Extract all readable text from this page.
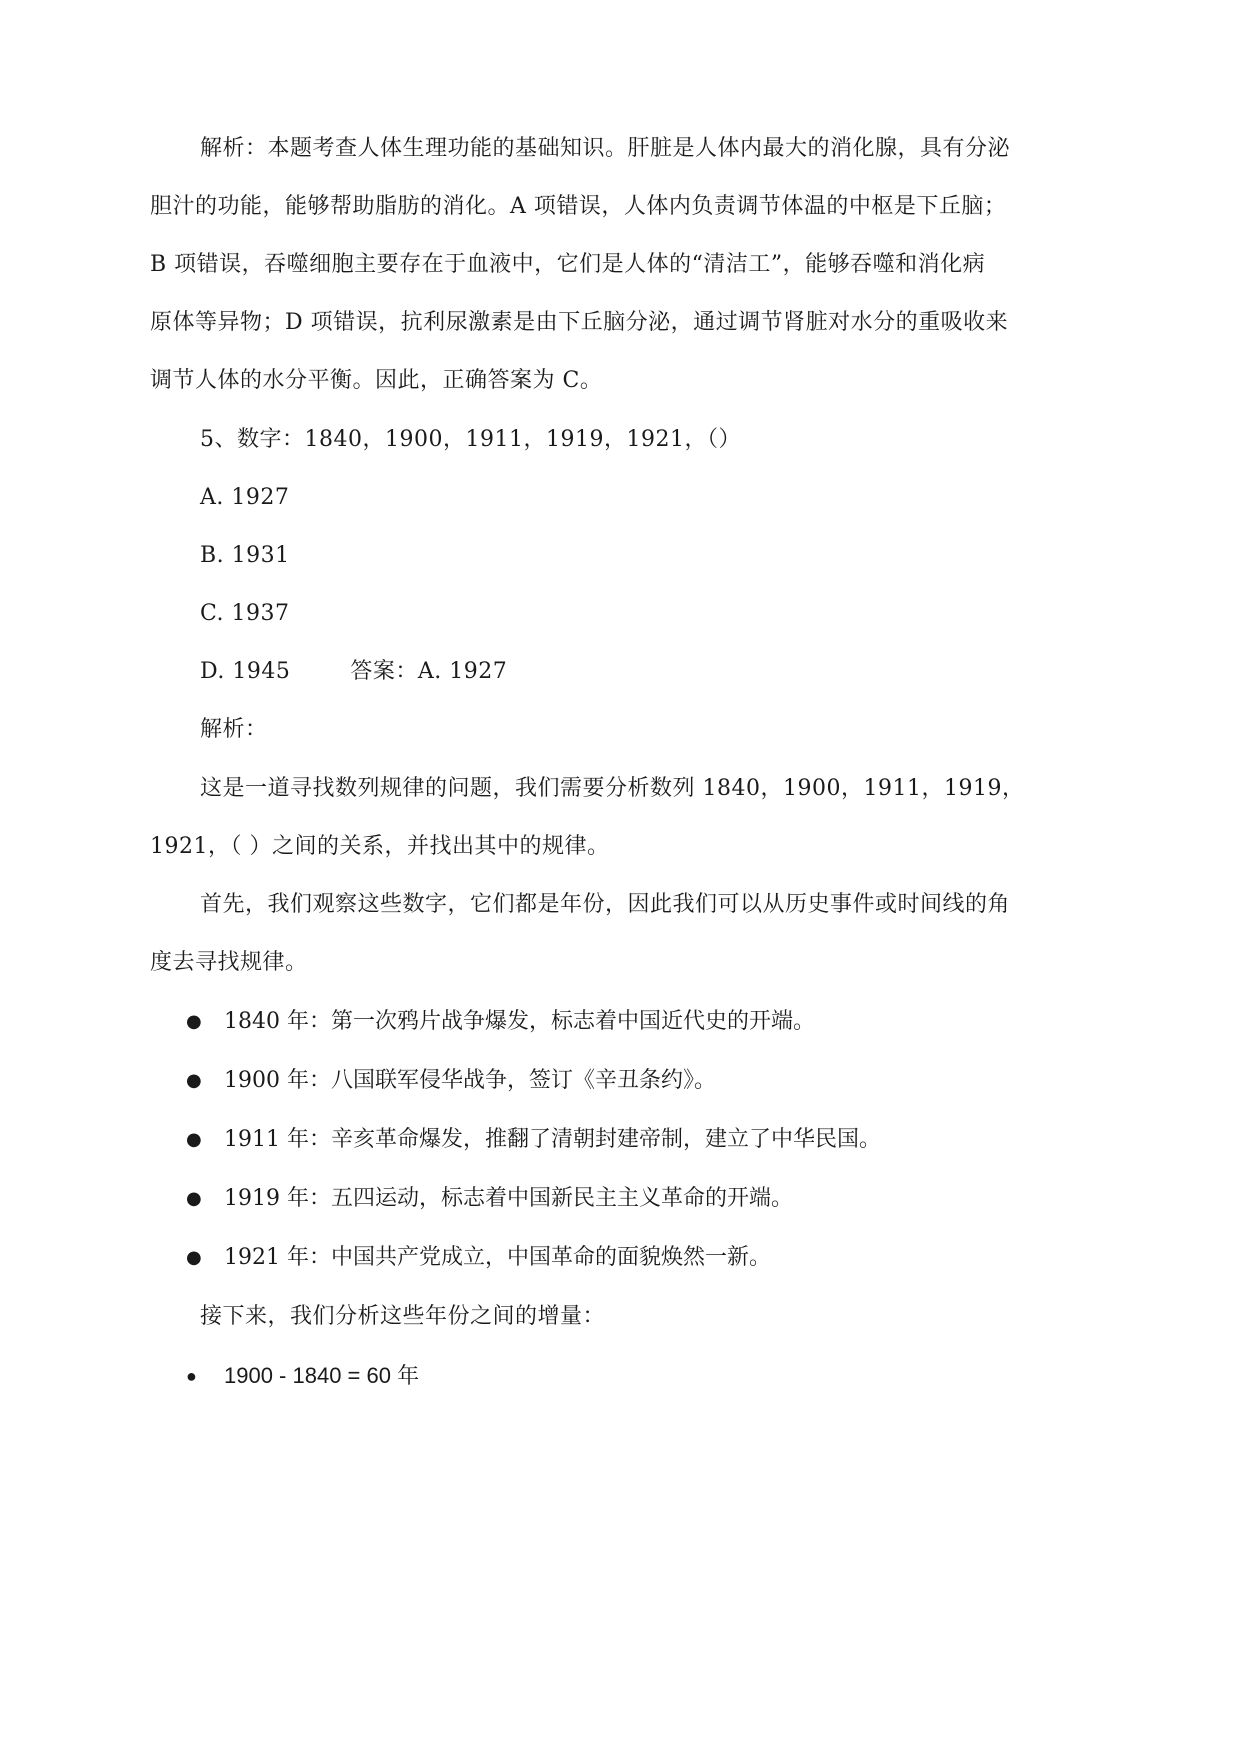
解析：本题考查人体生理功能的基础知识。肝脏是人体内最大的消化腺，具有分泌
胆汁的功能，能够帮助脂肪的消化。A 项错误，人体内负责调节体温的中枢是下丘脑；
B 项错误，吞噬细胞主要存在于血液中，它们是人体的“清洁工”，能够吞噬和消化病
原体等异物；D 项错误，抗利尿激素是由下丘脑分泌，通过调节肾脏对水分的重吸收来
调节人体的水分平衡。因此，正确答案为 C。
5、数字：1840，1900，1911，1919，1921，（）
A. 1927
B. 1931
C. 1937
D. 1945	答案：A. 1927
解析：
这是一道寻找数列规律的问题，我们需要分析数列 1840，1900，1911，1919，
1921，（ ）之间的关系，并找出其中的规律。
首先，我们观察这些数字，它们都是年份，因此我们可以从历史事件或时间线的角
度去寻找规律。
● 1840 年：第一次鸦片战争爆发，标志着中国近代史的开端。
● 1900 年：八国联军侵华战争，签订《辛丑条约》。
● 1911 年：辛亥革命爆发，推翻了清朝封建帝制，建立了中华民国。
● 1919 年：五四运动，标志着中国新民主主义革命的开端。
● 1921 年：中国共产党成立，中国革命的面貌焕然一新。
接下来，我们分析这些年份之间的增量：
● 1900 - 1840 = 60 年
